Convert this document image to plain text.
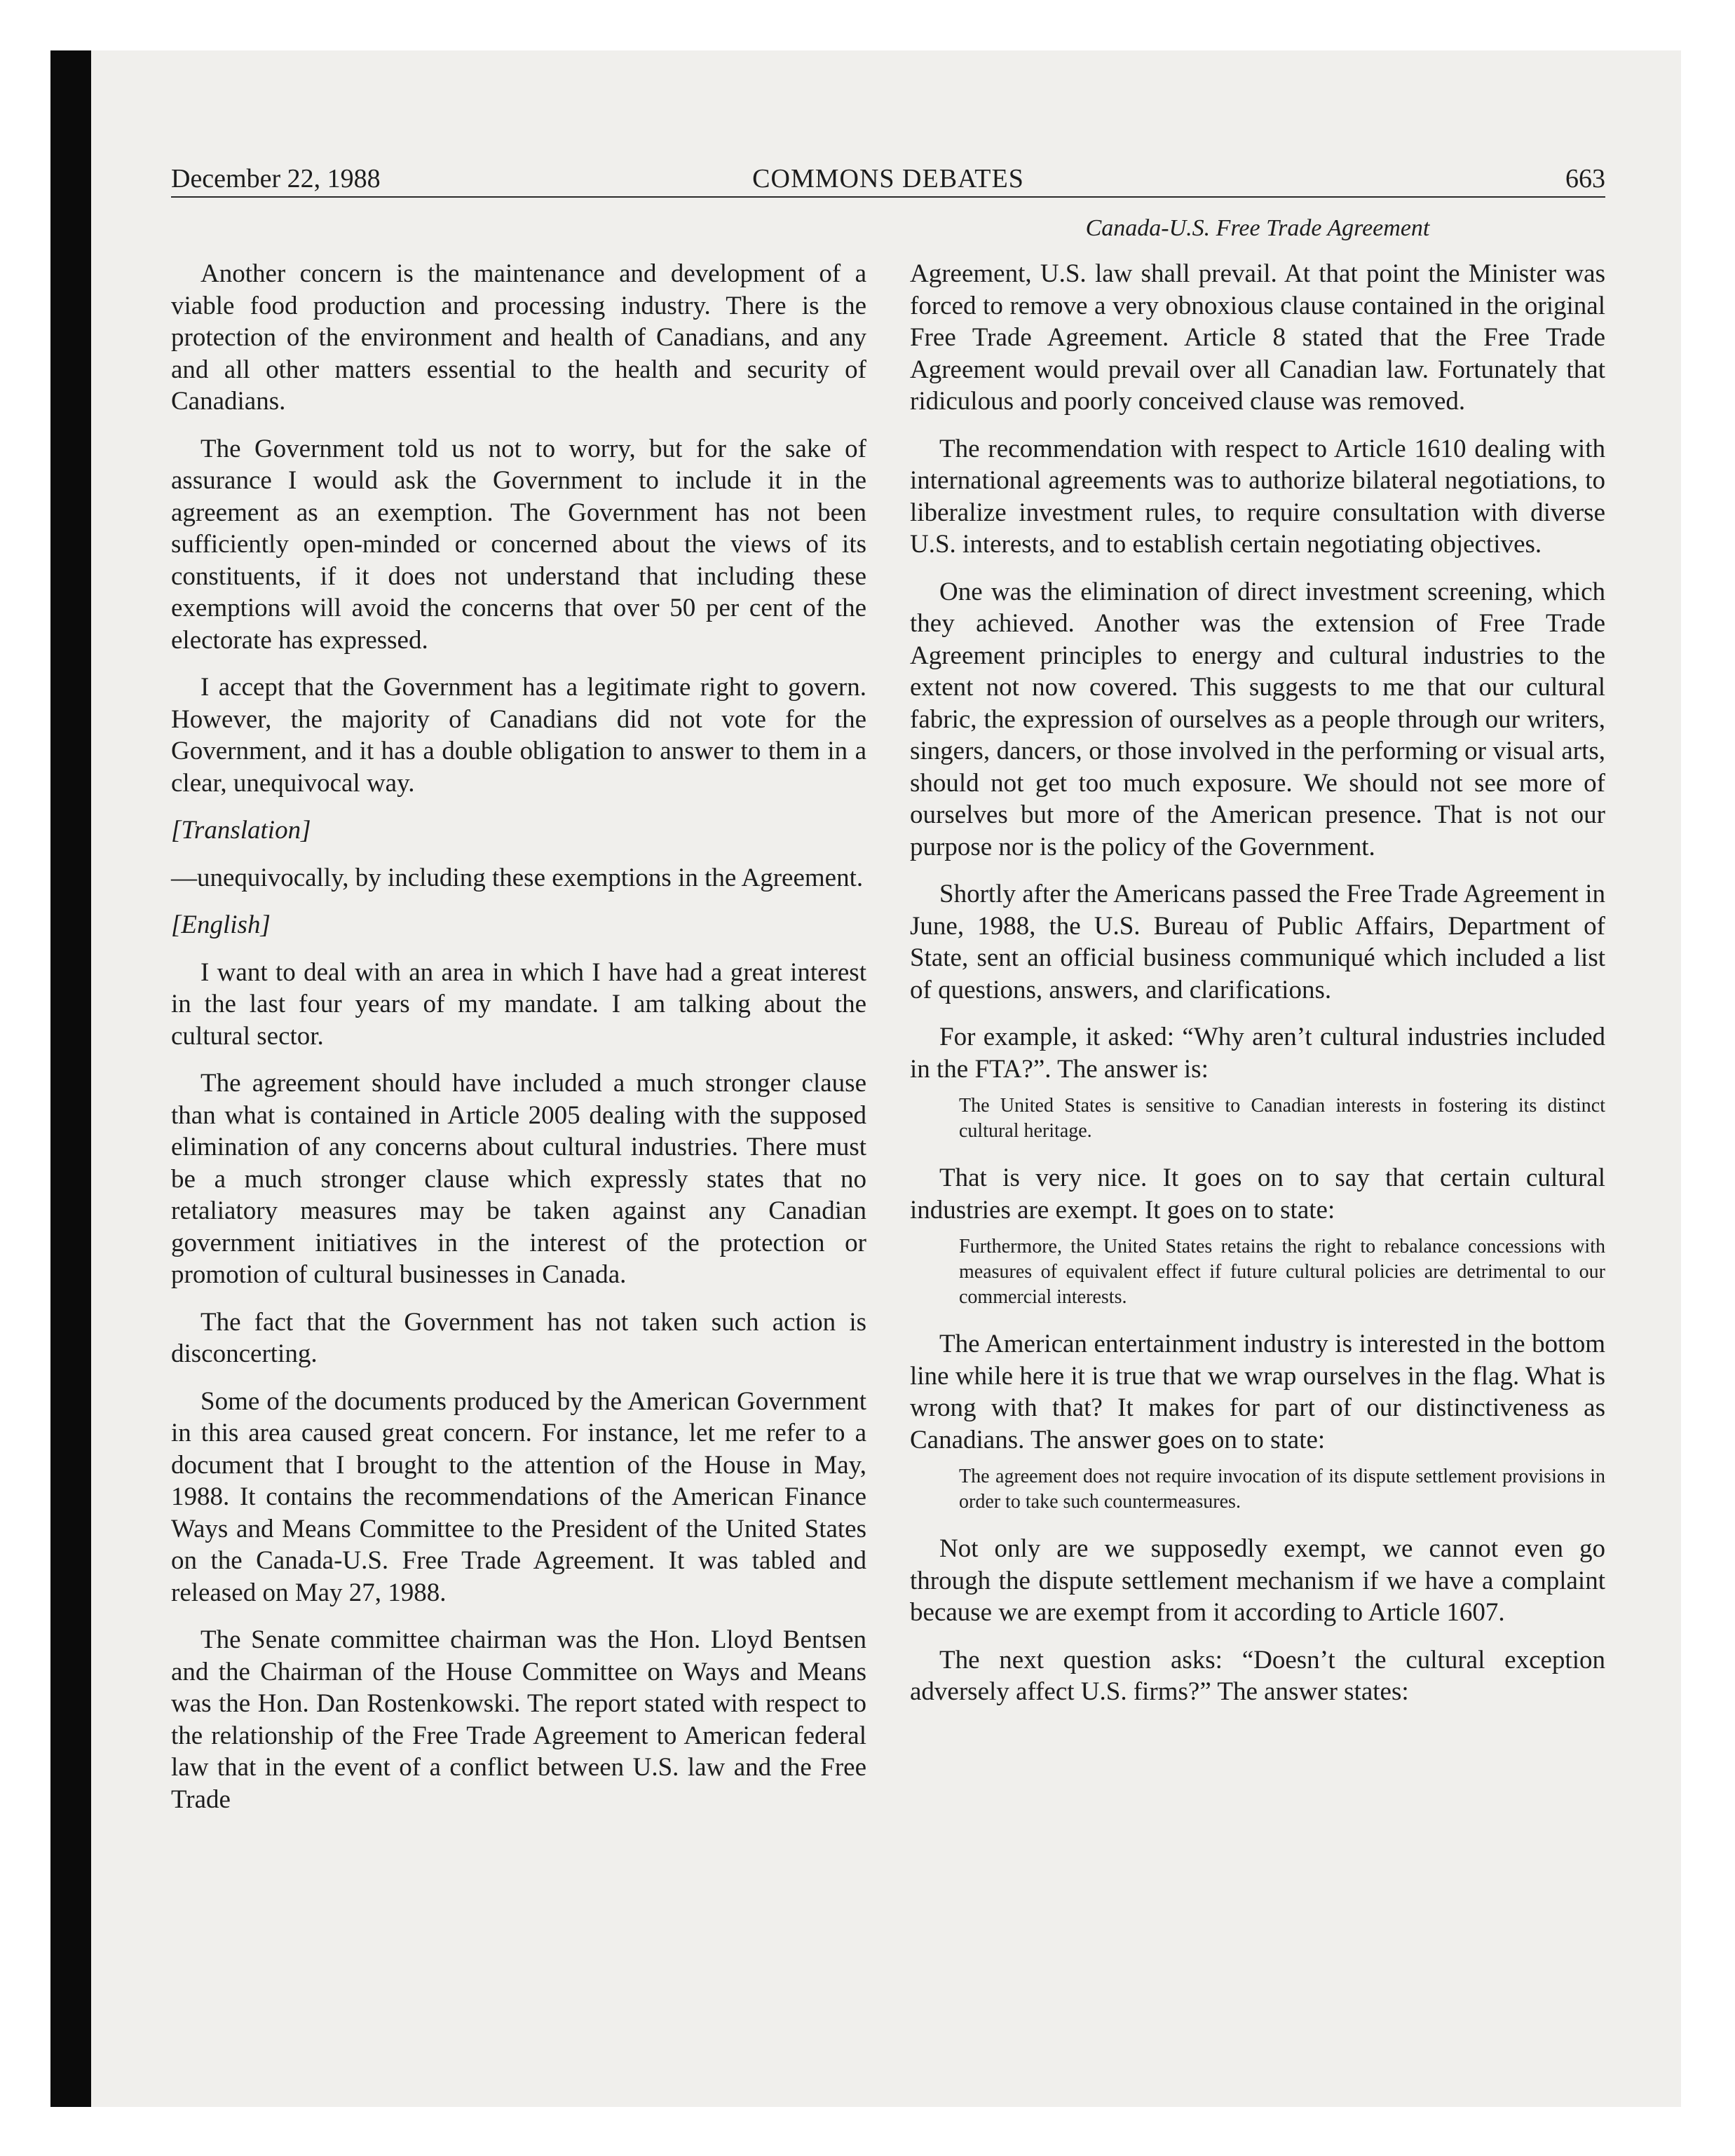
December 22, 1988	COMMONS DEBATES	663
Canada-U.S. Free Trade Agreement

Another concern is the maintenance and development of a viable food production and processing industry. There is the protection of the environment and health of Canadians, and any and all other matters essential to the health and security of Canadians.

The Government told us not to worry, but for the sake of assurance I would ask the Government to include it in the agreement as an exemption. The Government has not been sufficiently open-minded or concerned about the views of its constituents, if it does not understand that including these exemptions will avoid the concerns that over 50 per cent of the electorate has expressed.

I accept that the Government has a legitimate right to govern. However, the majority of Canadians did not vote for the Government, and it has a double obligation to answer to them in a clear, unequivocal way.

[Translation]

—unequivocally, by including these exemptions in the Agreement.

[English]

I want to deal with an area in which I have had a great interest in the last four years of my mandate. I am talking about the cultural sector.

The agreement should have included a much stronger clause than what is contained in Article 2005 dealing with the supposed elimination of any concerns about cultural industries. There must be a much stronger clause which expressly states that no retaliatory measures may be taken against any Canadian government initiatives in the interest of the protection or promotion of cultural businesses in Canada.

The fact that the Government has not taken such action is disconcerting.

Some of the documents produced by the American Government in this area caused great concern. For instance, let me refer to a document that I brought to the attention of the House in May, 1988. It contains the recommendations of the American Finance Ways and Means Committee to the President of the United States on the Canada-U.S. Free Trade Agreement. It was tabled and released on May 27, 1988.

The Senate committee chairman was the Hon. Lloyd Bentsen and the Chairman of the House Committee on Ways and Means was the Hon. Dan Rostenkowski. The report stated with respect to the relationship of the Free Trade Agreement to American federal law that in the event of a conflict between U.S. law and the Free Trade

Agreement, U.S. law shall prevail. At that point the Minister was forced to remove a very obnoxious clause contained in the original Free Trade Agreement. Article 8 stated that the Free Trade Agreement would prevail over all Canadian law. Fortunately that ridiculous and poorly conceived clause was removed.

The recommendation with respect to Article 1610 dealing with international agreements was to authorize bilateral negotiations, to liberalize investment rules, to require consultation with diverse U.S. interests, and to establish certain negotiating objectives.

One was the elimination of direct investment screening, which they achieved. Another was the extension of Free Trade Agreement principles to energy and cultural industries to the extent not now covered. This suggests to me that our cultural fabric, the expression of ourselves as a people through our writers, singers, dancers, or those involved in the performing or visual arts, should not get too much exposure. We should not see more of ourselves but more of the American presence. That is not our purpose nor is the policy of the Government.

Shortly after the Americans passed the Free Trade Agreement in June, 1988, the U.S. Bureau of Public Affairs, Department of State, sent an official business communiqué which included a list of questions, answers, and clarifications.

For example, it asked: “Why aren’t cultural industries included in the FTA?”. The answer is:

The United States is sensitive to Canadian interests in fostering its distinct cultural heritage.

That is very nice. It goes on to say that certain cultural industries are exempt. It goes on to state:

Furthermore, the United States retains the right to rebalance concessions with measures of equivalent effect if future cultural policies are detrimental to our commercial interests.

The American entertainment industry is interested in the bottom line while here it is true that we wrap ourselves in the flag. What is wrong with that? It makes for part of our distinctiveness as Canadians. The answer goes on to state:

The agreement does not require invocation of its dispute settlement provisions in order to take such countermeasures.

Not only are we supposedly exempt, we cannot even go through the dispute settlement mechanism if we have a complaint because we are exempt from it according to Article 1607.

The next question asks: “Doesn’t the cultural exception adversely affect U.S. firms?” The answer states:
